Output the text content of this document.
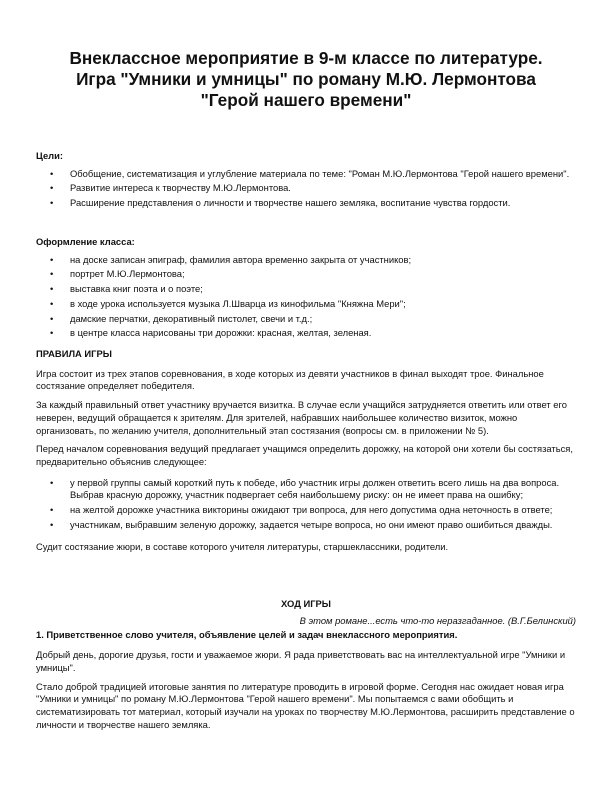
Внеклассное мероприятие в 9-м классе по литературе.
Игра "Умники и умницы" по роману М.Ю. Лермонтова
"Герой нашего времени"

Цели:

• Обобщение, систематизация и углубление материала по теме: "Роман М.Ю.Лермонтова "Герой нашего времени".
• Развитие интереса к творчеству М.Ю.Лермонтова.
• Расширение представления о личности и творчестве нашего земляка, воспитание чувства гордости.

Оформление класса:

• на доске записан эпиграф, фамилия автора временно закрыта от участников;
• портрет М.Ю.Лермонтова;
• выставка книг поэта и о поэте;
• в ходе урока используется музыка Л.Шварца из кинофильма "Княжна Мери";
• дамские перчатки, декоративный пистолет, свечи и т.д.;
• в центре класса нарисованы три дорожки: красная, желтая, зеленая.

ПРАВИЛА ИГРЫ

Игра состоит из трех этапов соревнования, в ходе которых из девяти участников в финал выходят трое. Финальное состязание определяет победителя.

За каждый правильный ответ участнику вручается визитка. В случае если учащийся затрудняется ответить или ответ его неверен, ведущий обращается к зрителям. Для зрителей, набравших наибольшее количество визиток, можно организовать, по желанию учителя, дополнительный этап состязания (вопросы см. в приложении № 5).

Перед началом соревнования ведущий предлагает учащимся определить дорожку, на которой они хотели бы состязаться, предварительно объяснив следующее:

• у первой группы самый короткий путь к победе, ибо участник игры должен ответить всего лишь на два вопроса. Выбрав красную дорожку, участник подвергает себя наибольшему риску: он не имеет права на ошибку;
• на желтой дорожке участника викторины ожидают три вопроса, для него допустима одна неточность в ответе;
• участникам, выбравшим зеленую дорожку, задается четыре вопроса, но они имеют право ошибиться дважды.

Судит состязание жюри, в составе которого учителя литературы, старшеклассники, родители.

ХОД ИГРЫ

В этом романе...есть что-то неразгаданное. (В.Г.Белинский)

1. Приветственное слово учителя, объявление целей и задач внеклассного мероприятия.

Добрый день, дорогие друзья, гости и уважаемое жюри. Я рада приветствовать вас на интеллектуальной игре "Умники и умницы".

Стало доброй традицией итоговые занятия по литературе проводить в игровой форме. Сегодня нас ожидает новая игра "Умники и умницы" по роману М.Ю.Лермонтова "Герой нашего времени". Мы попытаемся с вами обобщить и систематизировать тот материал, который изучали на уроках по творчеству М.Ю.Лермонтова, расширить представление о личности и творчестве нашего земляка.
